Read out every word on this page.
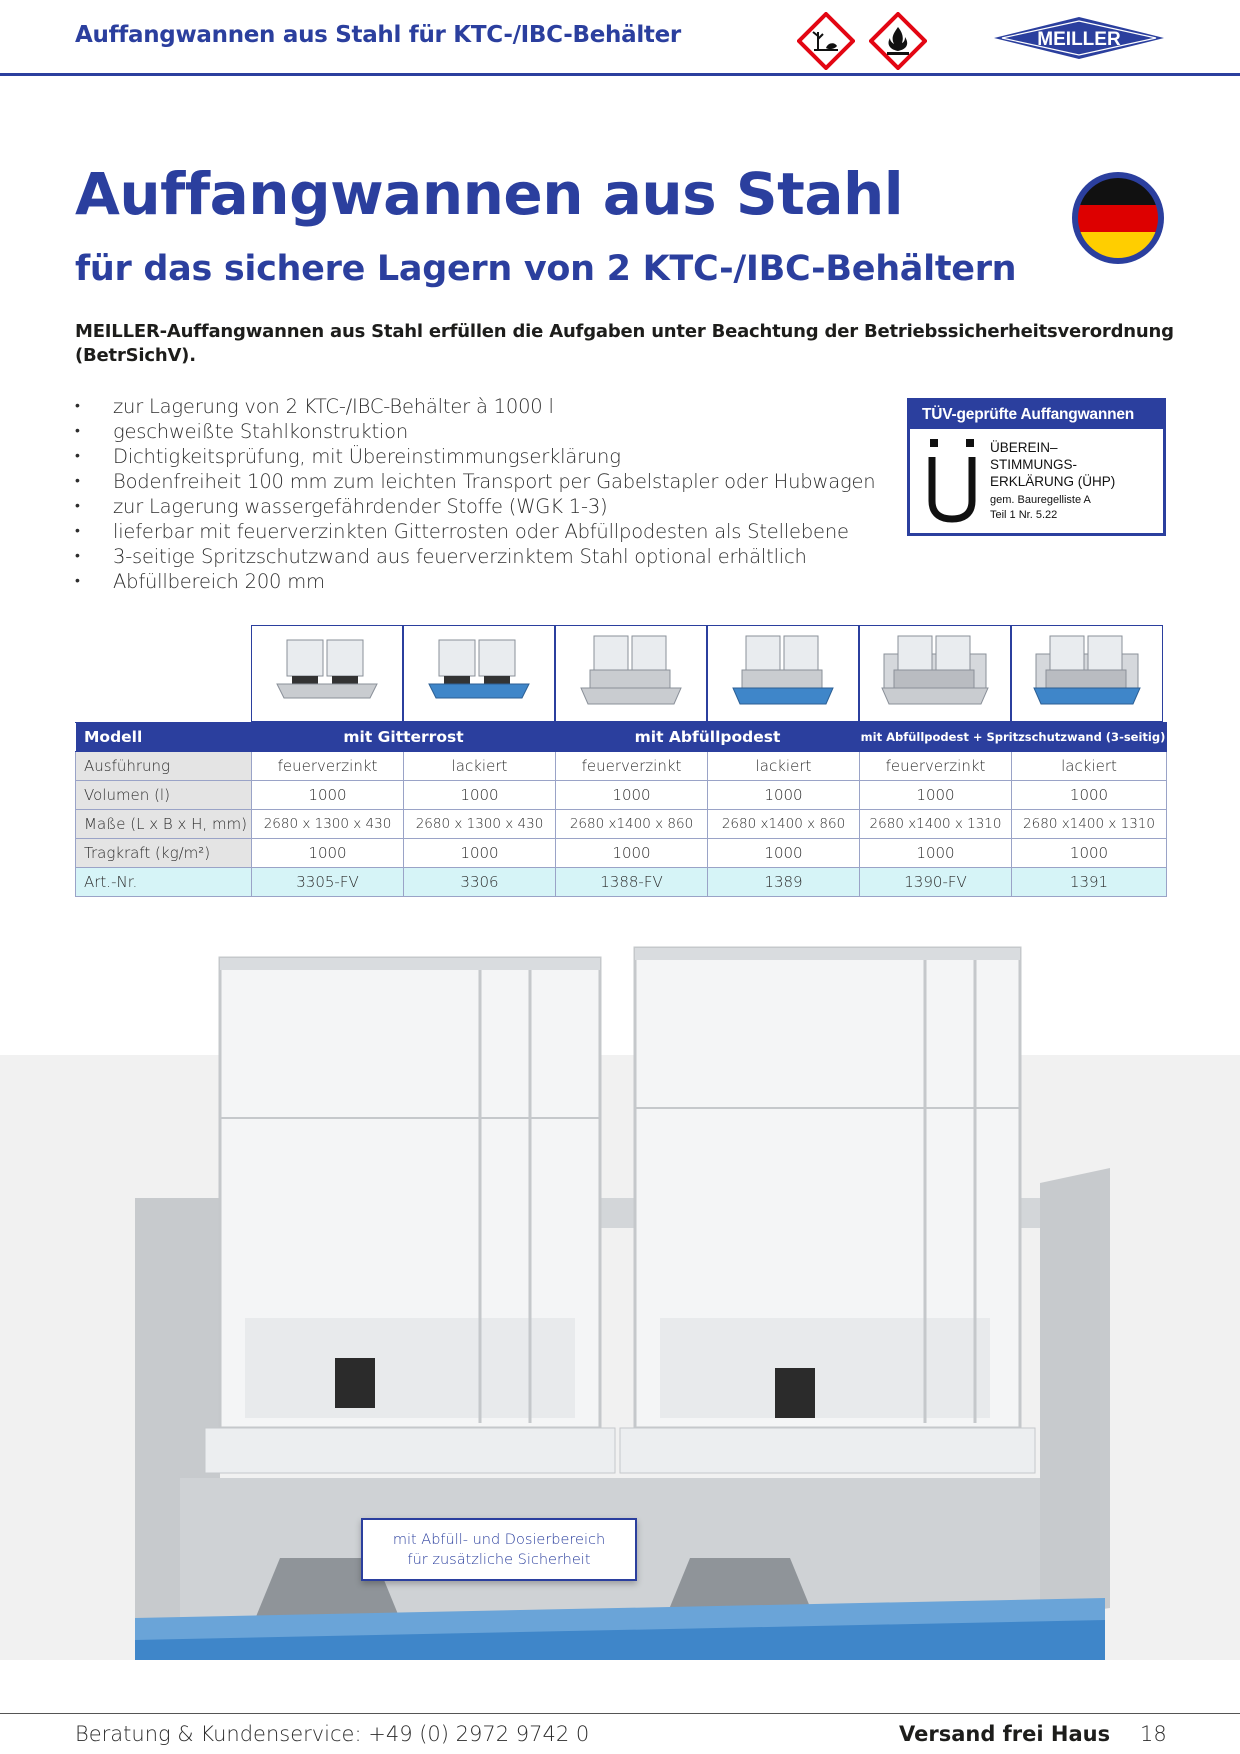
Auffangwannen aus Stahl für KTC-/IBC-Behälter	MEILLER
Auffangwannen aus Stahl
für das sichere Lagern von 2 KTC-/IBC-Behältern
MEILLER-Auffangwannen aus Stahl erfüllen die Aufgaben unter Beachtung der Betriebssicherheitsverordnung (BetrSichV).
• zur Lagerung von 2 KTC-/IBC-Behälter à 1000 l
• geschweißte Stahlkonstruktion
• Dichtigkeitsprüfung, mit Übereinstimmungserklärung
• Bodenfreiheit 100 mm zum leichten Transport per Gabelstapler oder Hubwagen
• zur Lagerung wassergefährdender Stoffe (WGK 1-3)
• lieferbar mit feuerverzinkten Gitterrosten oder Abfüllpodesten als Stellebene
• 3-seitige Spritzschutzwand aus feuerverzinktem Stahl optional erhältlich
• Abfüllbereich 200 mm
TÜV-geprüfte Auffangwannen
ÜBEREIN–
STIMMUNGS-
ERKLÄRUNG (ÜHP)
gem. Bauregelliste A
Teil 1 Nr. 5.22
Modell	mit Gitterrost		mit Abfüllpodest		mit Abfüllpodest + Spritzschutzwand (3-seitig)	
Ausführung	feuerverzinkt	lackiert	feuerverzinkt	lackiert	feuerverzinkt	lackiert
Volumen (l)	1000	1000	1000	1000	1000	1000
Maße (L x B x H, mm)	2680 x 1300 x 430	2680 x 1300 x 430	2680 x1400 x 860	2680 x1400 x 860	2680 x1400 x 1310	2680 x1400 x 1310
Tragkraft (kg/m²)	1000	1000	1000	1000	1000	1000
Art.-Nr.	3305-FV	3306	1388-FV	1389	1390-FV	1391
mit Abfüll- und Dosierbereich
für zusätzliche Sicherheit
Beratung & Kundenservice: +49 (0) 2972 9742 0	Versand frei Haus 18
